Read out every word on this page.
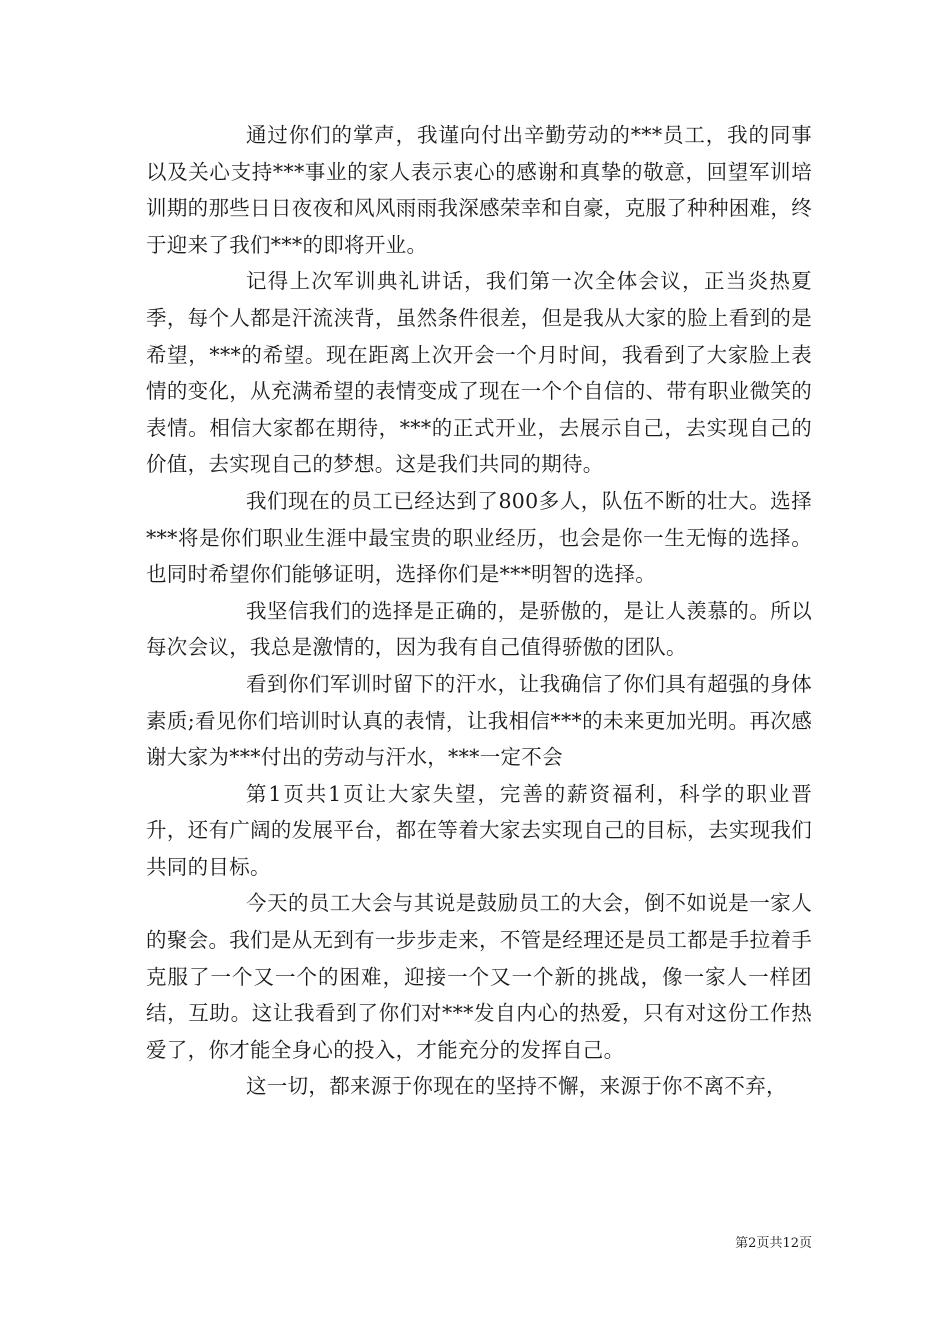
通过你们的掌声，我谨向付出辛勤劳动的***员工，我的同事以及关心支持***事业的家人表示衷心的感谢和真挚的敬意，回望军训培训期的那些日日夜夜和风风雨雨我深感荣幸和自豪，克服了种种困难，终于迎来了我们***的即将开业。

记得上次军训典礼讲话，我们第一次全体会议，正当炎热夏季，每个人都是汗流浃背，虽然条件很差，但是我从大家的脸上看到的是希望，***的希望。现在距离上次开会一个月时间，我看到了大家脸上表情的变化，从充满希望的表情变成了现在一个个自信的、带有职业微笑的表情。相信大家都在期待，***的正式开业，去展示自己，去实现自己的价值，去实现自己的梦想。这是我们共同的期待。

我们现在的员工已经达到了800多人，队伍不断的壮大。选择***将是你们职业生涯中最宝贵的职业经历，也会是你一生无悔的选择。也同时希望你们能够证明，选择你们是***明智的选择。

我坚信我们的选择是正确的，是骄傲的，是让人羡慕的。所以每次会议，我总是激情的，因为我有自己值得骄傲的团队。

看到你们军训时留下的汗水，让我确信了你们具有超强的身体素质;看见你们培训时认真的表情，让我相信***的未来更加光明。再次感谢大家为***付出的劳动与汗水，***一定不会

第1页共1页让大家失望，完善的薪资福利，科学的职业晋升，还有广阔的发展平台，都在等着大家去实现自己的目标，去实现我们共同的目标。

今天的员工大会与其说是鼓励员工的大会，倒不如说是一家人的聚会。我们是从无到有一步步走来，不管是经理还是员工都是手拉着手克服了一个又一个的困难，迎接一个又一个新的挑战，像一家人一样团结，互助。这让我看到了你们对***发自内心的热爱，只有对这份工作热爱了，你才能全身心的投入，才能充分的发挥自己。

这一切，都来源于你现在的坚持不懈，来源于你不离不弃，

第2页共12页
